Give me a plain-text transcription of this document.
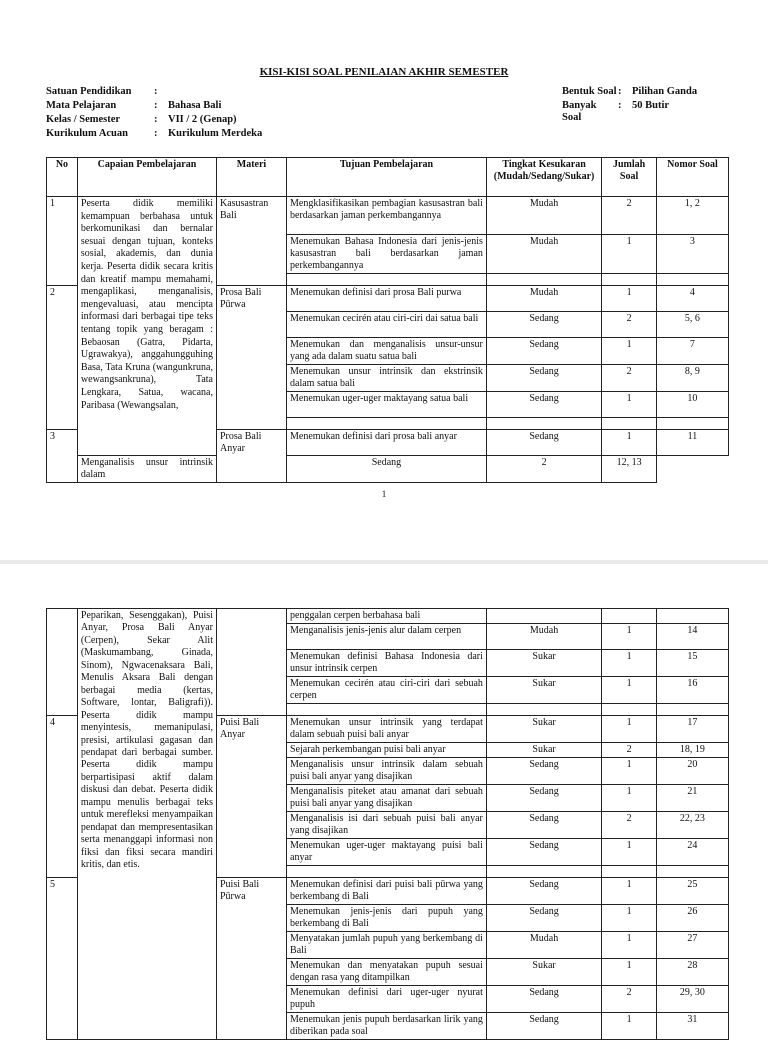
KISI-KISI SOAL PENILAIAN AKHIR SEMESTER
Satuan Pendidikan	:
Mata Pelajaran	:	Bahasa Bali
Kelas / Semester	:	VII / 2 (Genap)
Kurikulum Acuan	:	Kurikulum Merdeka
Bentuk Soal :	Pilihan Ganda
Banyak Soal
:	50 Butir
No	Capaian Pembelajaran	Materi	Tujuan Pembelajaran	Tingkat Kesukaran (Mudah/Sedang/Sukar)	Jumlah Soal	Nomor Soal
1	Peserta didik memiliki kemampuan berbahasa untuk berkomunikasi dan bernalar sesuai dengan tujuan, konteks sosial, akademis, dan dunia kerja. Peserta didik secara kritis dan kreatif mampu memahami, mengaplikasi, menganalisis, mengevaluasi, atau mencipta informasi dari berbagai tipe teks tentang topik yang beragam : Bebaosan (Gatra, Pidarta, Ugrawakya), anggahungguhing Basa, Tata Kruna (wangunkruna, wewangsankruna), Tata Lengkara, Satua, wacana, Paribasa (Wewangsalan,	Kasusastran Bali	Mengklasifikasikan pembagian kasusastran bali berdasarkan jaman perkembangannya	Mudah	2	1, 2
			Menemukan Bahasa Indonesia dari jenis-jenis kasusastran bali berdasarkan jaman perkembangannya	Mudah	1	3

2		Prosa Bali Pūrwa	Menemukan definisi dari prosa Bali purwa	Mudah	1	4
			Menemukan cecirén atau ciri-ciri dai satua bali	Sedang	2	5, 6
			Menemukan dan menganalisis unsur-unsur yang ada dalam suatu satua bali	Sedang	1	7
			Menemukan unsur intrinsik dan ekstrinsik dalam satua bali	Sedang	2	8, 9
			Menemukan uger-uger maktayang satua bali	Sedang	1	10

3		Prosa Bali Anyar	Menemukan definisi dari prosa bali anyar	Sedang	1	11
	Menganalisis unsur intrinsik dalam		Sedang	2	12, 13	
1
	Peparikan, Sesenggakan), Puisi Anyar, Prosa Bali Anyar (Cerpen), Sekar Alit (Maskumambang, Ginada, Sinom), Ngwacenaksara Bali, Menulis Aksara Bali dengan berbagai media (kertas, Software, lontar, Baligrafi)). Peserta didik mampu menyintesis, memanipulasi, presisi, artikulasi gagasan dan pendapat dari berbagai sumber. Peserta didik mampu berpartisipasi aktif dalam diskusi dan debat. Peserta didik mampu menulis berbagai teks untuk merefleksi menyampaikan pendapat dan mempresentasikan serta menanggapi informasi non fiksi dan fiksi secara mandiri kritis, dan etis.		penggalan cerpen berbahasa bali			
			Menganalisis jenis-jenis alur dalam cerpen	Mudah	1	14
			Menemukan definisi Bahasa Indonesia dari unsur intrinsik cerpen	Sukar	1	15
			Menemukan cecirén atau ciri-ciri dari sebuah cerpen	Sukar	1	16

4		Puisi Bali Anyar	Menemukan unsur intrinsik yang terdapat dalam sebuah puisi bali anyar	Sukar	1	17
			Sejarah perkembangan puisi bali anyar	Sukar	2	18, 19
			Menganalisis unsur intrinsik dalam sebuah puisi bali anyar yang disajikan	Sedang	1	20
			Menganalisis piteket atau amanat dari sebuah puisi bali anyar yang disajikan	Sedang	1	21
			Menganalisis isi dari sebuah puisi bali anyar yang disajikan	Sedang	2	22, 23
			Menemukan uger-uger maktayang puisi bali anyar	Sedang	1	24

5		Puisi Bali Pūrwa	Menemukan definisi dari puisi bali pūrwa yang berkembang di Bali	Sedang	1	25
			Menemukan jenis-jenis dari pupuh yang berkembang di Bali	Sedang	1	26
			Menyatakan jumlah pupuh yang berkembang di Bali	Mudah	1	27
			Menemukan dan menyatakan pupuh sesuai dengan rasa yang ditampilkan	Sukar	1	28
			Menemukan definisi dari uger-uger nyurat pupuh	Sedang	2	29, 30
			Menemukan jenis pupuh berdasarkan lirik yang diberikan pada soal	Sedang	1	31
